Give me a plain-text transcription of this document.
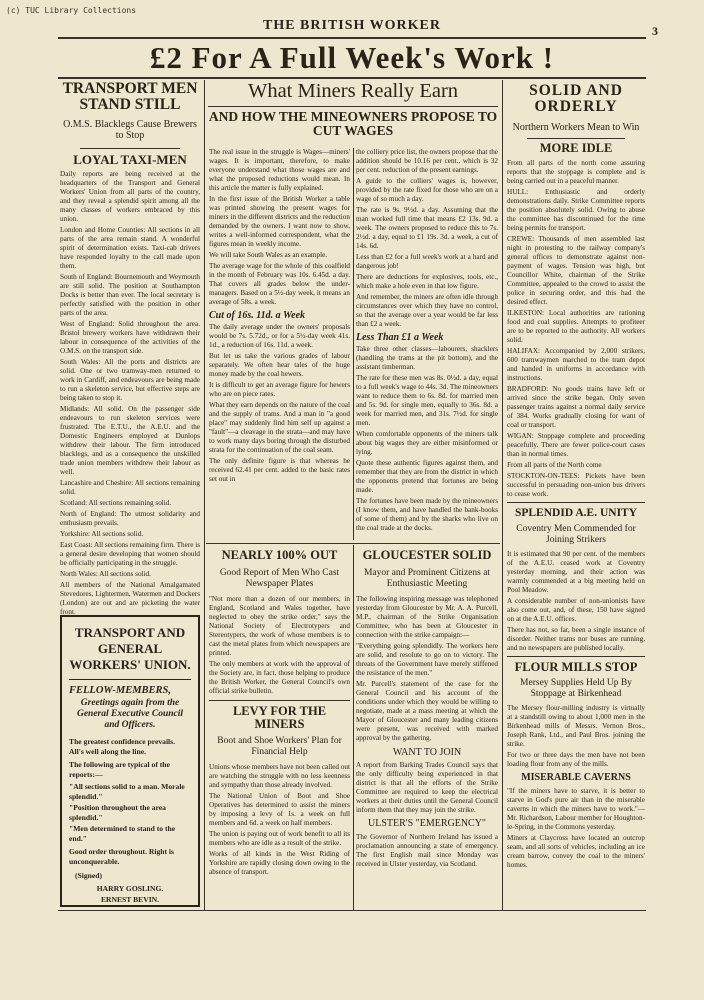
(c) TUC Library Collections
THE BRITISH WORKER	3
£2 For A Full Week's Work !
TRANSPORT MEN STAND STILL
O.M.S. Blacklegs Cause Brewers to Stop
LOYAL TAXI-MEN

Daily reports are being received at the headquarters of the Transport and General Workers' Union from all parts of the country, and they reveal a splendid spirit among all the many classes of workers embraced by this union.

London and Home Counties: All sections in all parts of the area remain stand. A wonderful spirit of determination exists. Taxi-cab drivers have responded loyalty to the call made upon them.

South of England: Bournemouth and Weymouth are still solid. The position at Southampton Docks is better than ever. The local secretary is perfectly satisfied with the position in other parts of the area.

West of England: Solid throughout the area. Bristol brewery workers have withdrawn their labour in consequence of the activities of the O.M.S. on the transport side.

South Wales: All the ports and districts are solid. One or two tramway-men returned to work in Cardiff, and endeavours are being made to run a skeleton service, but effective steps are being taken to stop it.

Midlands: All solid. On the passenger side endeavours to run skeleton services were frustrated. The E.T.U., the A.E.U. and the Domestic Engineers employed at Dunlops withdrew their labour. The firm introduced blacklegs, and as a consequence the unskilled trade union members withdrew their labour as well.

Lancashire and Cheshire: All sections remaining solid.

Scotland: All sections remaining solid.

North of England: The utmost solidarity and enthusiasm prevails.

Yorkshire: All sections solid.

East Coast: All sections remaining firm. There is a general desire developing that women should be officially participating in the struggle.

North Wales: All sections solid.

All members of the National Amalgamated Stevedores, Lightermen, Watermen and Dockers (London) are out and are picketing the water front.

TRANSPORT AND GENERAL WORKERS' UNION.
FELLOW-MEMBERS,
Greetings again from the General Executive Council and Officers.
The greatest confidence prevails. All's well along the line.
The following are typical of the reports:—
"All sections solid to a man. Morale splendid."
"Position throughout the area splendid."
"Men determined to stand to the end."
Good order throughout. Right is unconquerable.
(Signed)
HARRY GOSLING.
ERNEST BEVIN.
What Miners Really Earn
AND HOW THE MINEOWNERS PROPOSE TO CUT WAGES

The real issue in the struggle is Wages—miners' wages. It is important, therefore, to make everyone understand what those wages are and what the proposed reductions would mean. In this article the matter is fully explained.

In the first issue of the British Worker a table was printed showing the present wages for miners in the different districts and the reduction demanded by the owners. I want now to show, writes a well-informed correspondent, what the figures mean in weekly income.

We will take South Wales as an example.

The average wage for the whole of this coalfield in the month of February was 10s. 6.45d. a day. That covers all grades below the under-managers. Based on a 5½-day week, it means an average of 58s. a week.

Cut of 16s. 11d. a Week

The daily average under the owners' proposals would be 7s. 5.72d., or for a 5½-day week 41s. 1d., a reduction of 16s. 11d. a week.

But let us take the various grades of labour separately. We often hear tales of the huge money made by the coal hewers.

It is difficult to get an average figure for hewers who are on piece rates.

What they earn depends on the nature of the coal and the supply of trams. And a man in "a good place" may suddenly find him self up against a "fault"—a cleavage in the strata—and may have to work many days boring through the disturbed strata for the continuation of the coal seam.

The only definite figure is that whereas he received 62.41 per cent. added to the basic rates set out in

the colliery price list, the owners propose that the addition should be 10.16 per cent., which is 32 per cent. reduction of the present earnings.

A guide to the colliers' wages is, however, provided by the rate fixed for those who are on a wage of so much a day.

The rate is 9s. 9½d. a day. Assuming that the man worked full time that means £2 13s. 9d. a week. The owners proposed to reduce this to 7s. 2½d. a day, equal to £1 19s. 3d. a week, a cut of 14s. 6d.

Less than £2 for a full week's work at a hard and dangerous job!

There are deductions for explosives, tools, etc., which make a hole even in that low figure.

And remember, the miners are often idle through circumstances over which they have no control, so that the average over a year would be far less than £2 a week.

Less Than £1 a Week

Take three other classes—labourers, shacklers (handling the trams at the pit bottom), and the assistant timberman.

The rate for these men was 8s. 0½d. a day, equal to a full week's wage to 44s. 3d. The mineowners want to reduce them to 6s. 8d. for married men and 5s. 9d. for single men, equally to 36s. 8d. a week for married men, and 31s. 7½d. for single men.

When comfortable opponents of the miners talk about big wages they are either misinformed or lying.

Quote these authentic figures against them, and remember that they are from the district in which the opponents pretend that fortunes are being made.

The fortunes have been made by the mineowners (I know them, and have handled the bank-books of some of them) and by the sharks who live on the coal trade at the docks.

NEARLY 100% OUT
Good Report of Men Who Cast Newspaper Plates

"Not more than a dozen of our members, in England, Scotland and Wales together, have neglected to obey the strike order," says the National Society of Electrotypers and Stereotypers, the work of whose members is to cast the metal plates from which newspapers are printed.

The only members at work with the approval of the Society are, in fact, those helping to produce the British Worker, the General Council's own official strike bulletin.

LEVY FOR THE MINERS
Boot and Shoe Workers' Plan for Financial Help

Unions whose members have not been called out are watching the struggle with no less keenness and sympathy than those already involved.

The National Union of Boot and Shoe Operatives has determined to assist the miners by imposing a levy of 1s. a week on full members and 6d. a week on half members.

The union is paying out of work benefit to all its members who are idle as a result of the strike.

Works of all kinds in the West Riding of Yorkshire are rapidly closing down owing to the absence of transport.

GLOUCESTER SOLID
Mayor and Prominent Citizens at Enthusiastic Meeting

The following inspiring message was telephoned yesterday from Gloucester by Mr. A. A. Purcell, M.P., chairman of the Strike Organisation Committee, who has been at Gloucester in connection with the strike campaign:—

"Everything going splendidly. The workers here are solid, and resolute to go on to victory. The threats of the Government have merely stiffened the resistance of the men."

Mr. Purcell's statement of the case for the General Council and his account of the conditions under which they would be willing to negotiate, made at a mass meeting at which the Mayor of Gloucester and many leading citizens were present, was received with marked approval by the gathering.

WANT TO JOIN

A report from Barking Trades Council says that the only difficulty being experienced in that district is that all the efforts of the Strike Committee are required to keep the electrical workers at their duties until the General Council inform them that they may join the strike.

ULSTER'S "EMERGENCY"

The Governor of Northern Ireland has issued a proclamation announcing a state of emergency. The first English mail since Monday was received in Ulster yesterday, via Scotland.

SOLID AND ORDERLY
Northern Workers Mean to Win
MORE IDLE

From all parts of the north come assuring reports that the stoppage is complete and is being carried out in a peaceful manner.

HULL: Enthusiastic and orderly demonstrations daily. Strike Committee reports the position absolutely solid. Owing to abuse the committee has discontinued for the time being permits for transport.

CREWE: Thousands of men assembled last night in protesting to the railway company's general offices to demonstrate against non-payment of wages. Tension was high, but Councillor White, chairman of the Strike Committee, appealed to the crowd to assist the police in securing order, and this had the desired effect.

ILKESTON: Local authorities are rationing food and coal supplies. Attempts to profiteer are to be reported to the authority. All workers solid.

HALIFAX: Accompanied by 2,000 strikers, 600 tramwaymen marched to the tram depot and handed in uniforms in accordance with instructions.

BRADFORD: No goods trains have left or arrived since the strike began. Only seven passenger trains against a normal daily service of 384. Works gradually closing for want of coal or transport.

WIGAN: Stoppage complete and proceeding peacefully. There are fewer police-court cases than in normal times.

From all parts of the North come

STOCKTON-ON-TEES: Pickets have been successful in persuading non-union bus drivers to cease work.

SPLENDID A.E. UNITY
Coventry Men Commended for Joining Strikers

It is estimated that 90 per cent. of the members of the A.E.U. ceased work at Coventry yesterday morning, and their action was warmly commended at a big meeting held on Pool Meadow.

A considerable number of non-unionists have also come out, and, of these, 150 have signed on at the A.E.U. offices.

There has not, so far, been a single instance of disorder. Neither trams nor buses are running, and no newspapers are published locally.

FLOUR MILLS STOP
Mersey Supplies Held Up By Stoppage at Birkenhead

The Mersey flour-milling industry is virtually at a standstill owing to about 1,000 men in the Birkenhead mills of Messrs. Vernon Bros., Joseph Rank, Ltd., and Paul Bros. joining the strike.

For two or three days the men have not been loading flour from any of the mills.

MISERABLE CAVERNS

"If the miners have to starve, it is better to starve in God's pure air than in the miserable caverns in which the miners have to work."—Mr. Richardson, Labour member for Houghton-le-Spring, in the Commons yesterday.

Miners at Claycross have located an outcrop seam, and all sorts of vehicles, including an ice cream barrow, convey the coal to the miners' homes.
